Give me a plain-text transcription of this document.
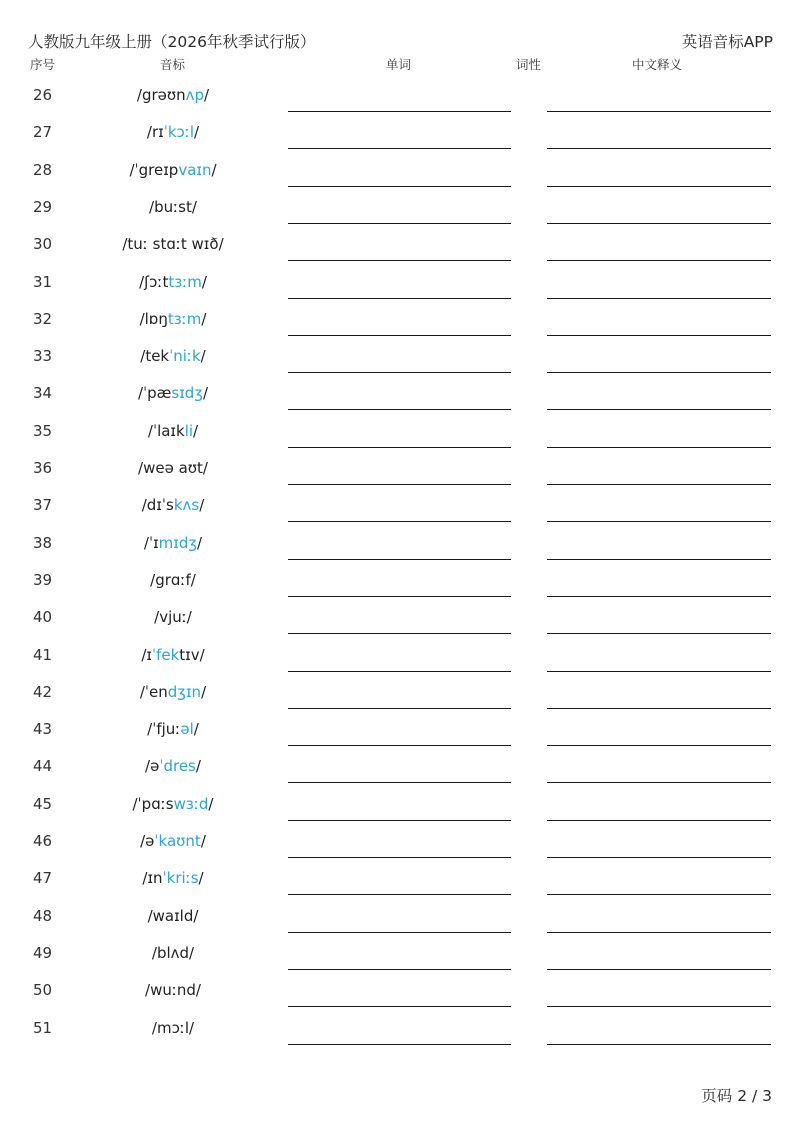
人教版九年级上册（2026年秋季试行版）	英语音标APP
序号	音标	单词	词性	中文释义
26	/grəʊnʌp/
27	/rɪˈkɔːl/
28	/ˈgreɪpvaɪn/
29	/buːst/
30	/tuː stɑːt wɪð/
31	/ʃɔːttɜːm/
32	/lɒŋtɜːm/
33	/tekˈniːk/
34	/ˈpæsɪdʒ/
35	/ˈlaɪkli/
36	/weə aʊt/
37	/dɪˈskʌs/
38	/ˈɪmɪdʒ/
39	/grɑːf/
40	/vjuː/
41	/ɪˈfektɪv/
42	/ˈendʒɪn/
43	/ˈfjuːəl/
44	/əˈdres/
45	/ˈpɑːswɜːd/
46	/əˈkaʊnt/
47	/ɪnˈkriːs/
48	/waɪld/
49	/blʌd/
50	/wuːnd/
51	/mɔːl/
页码 2 / 3
